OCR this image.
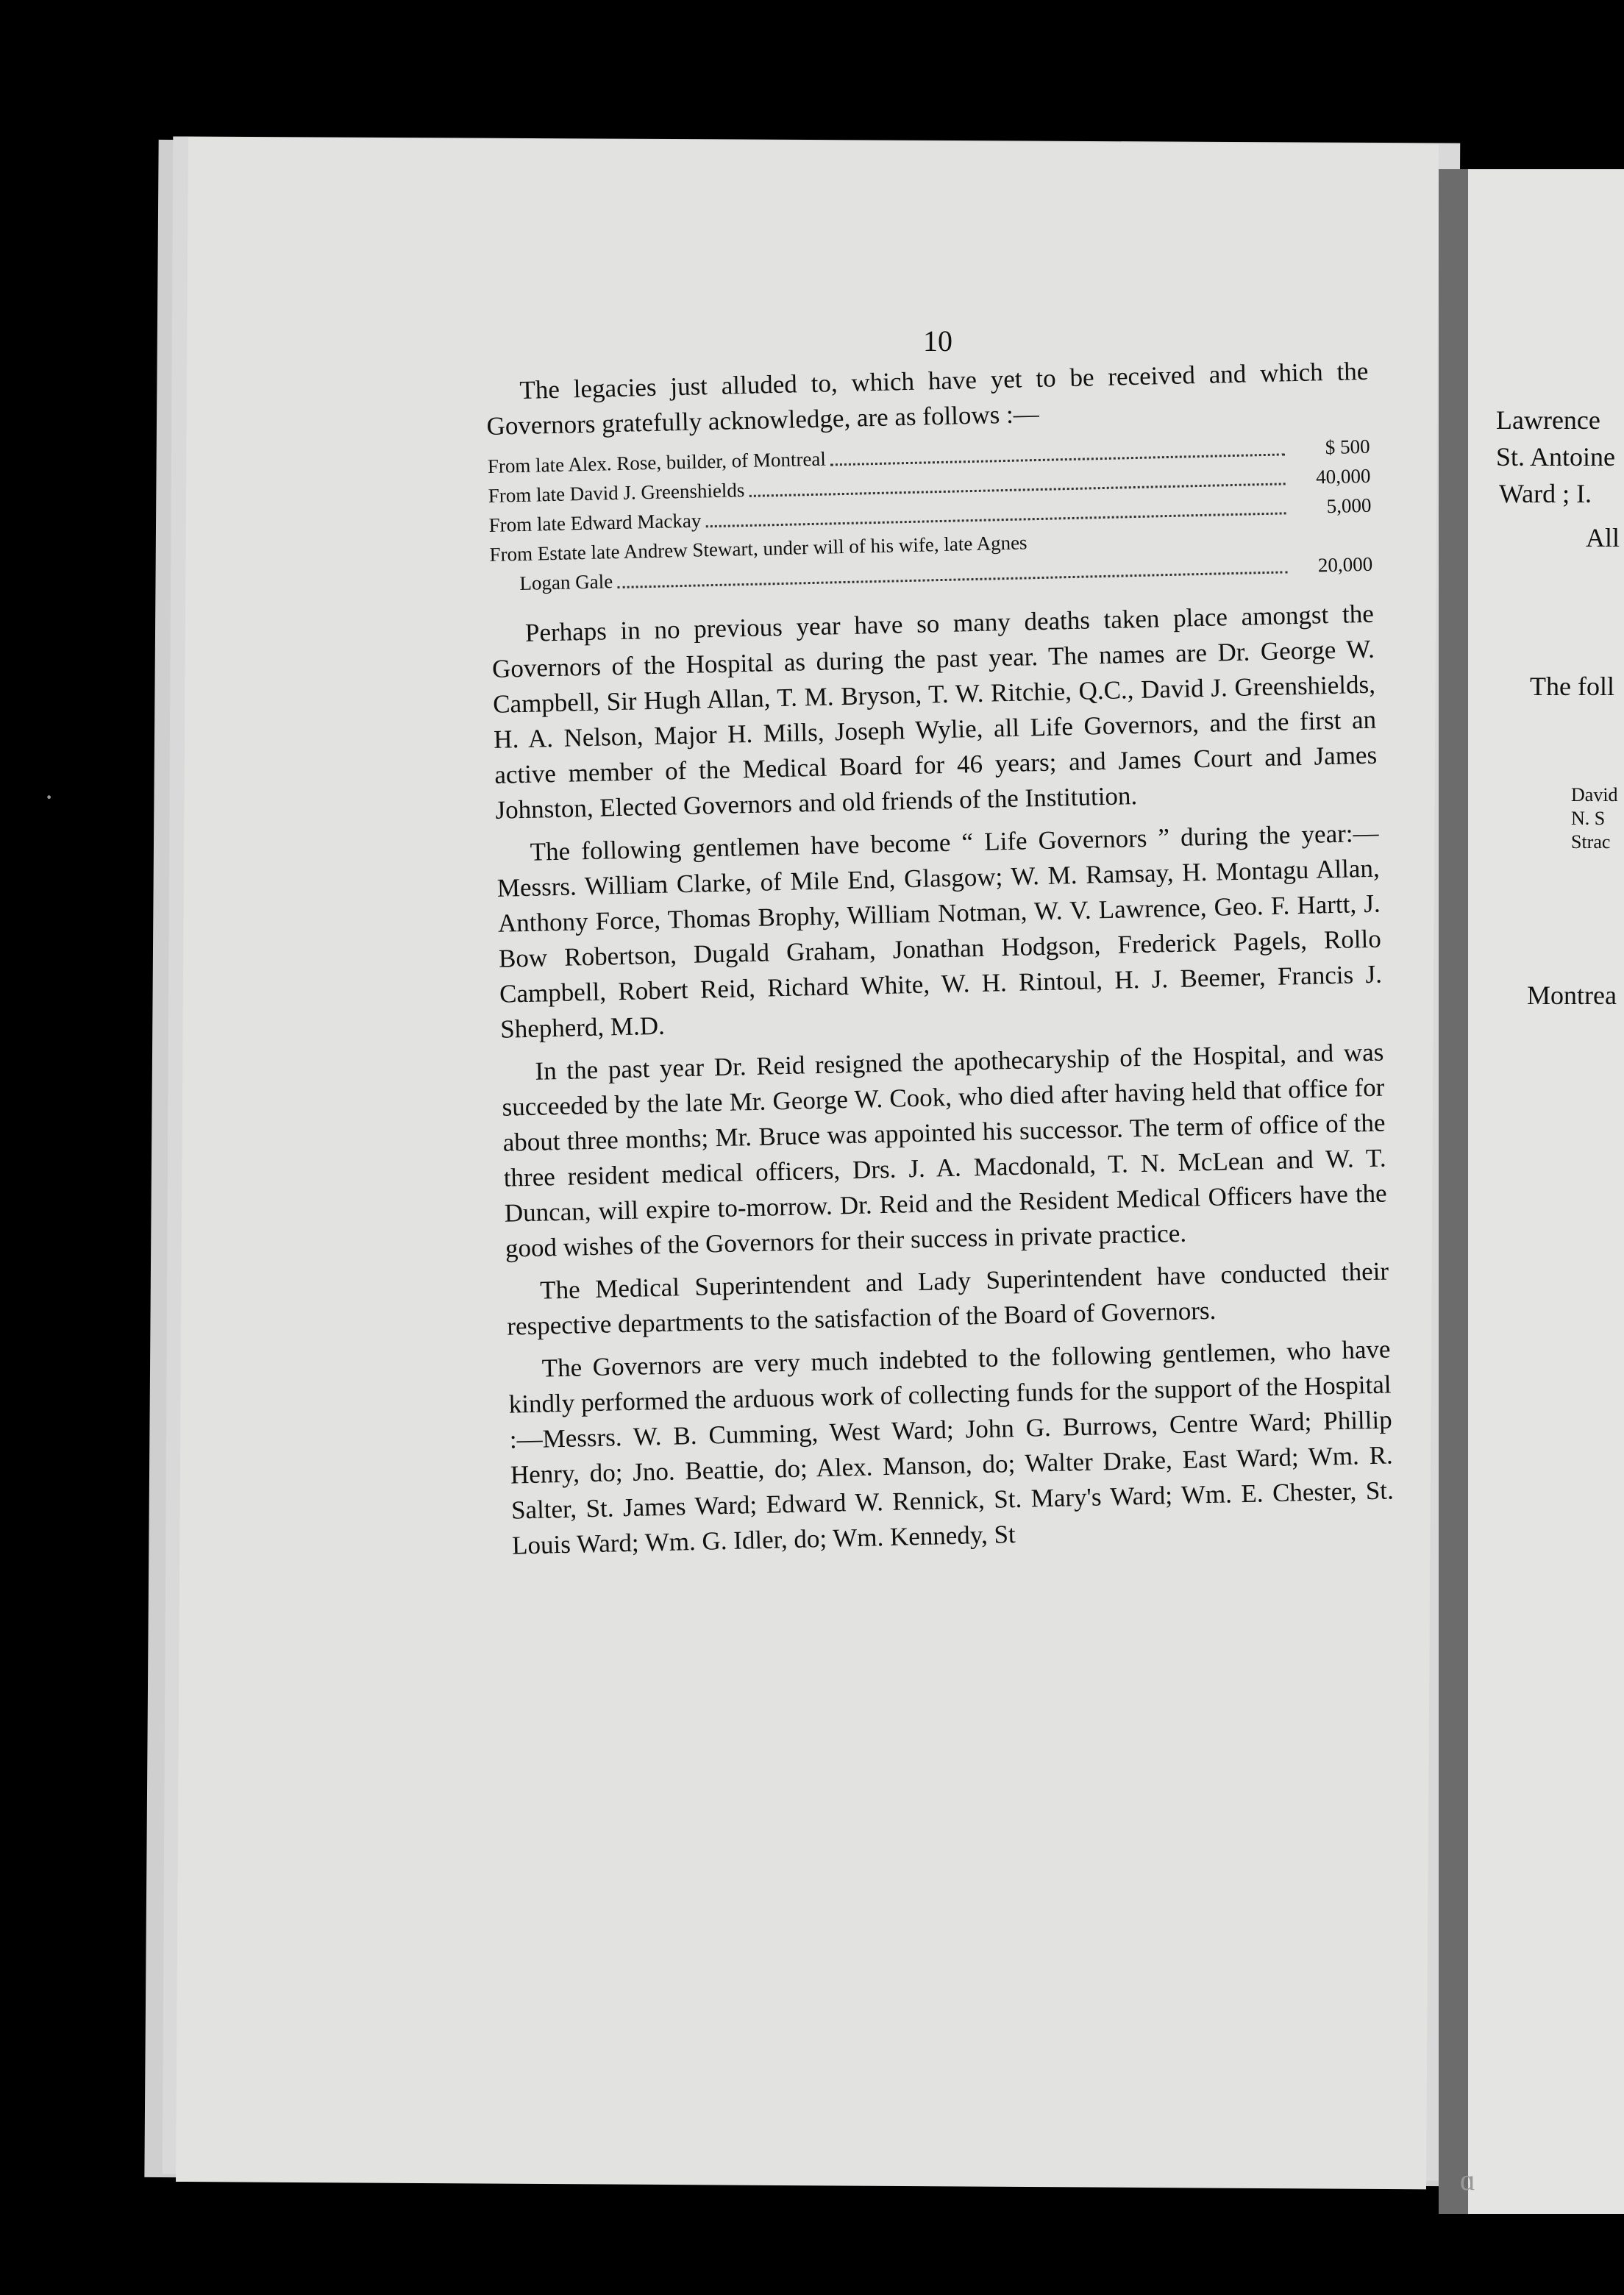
10

The legacies just alluded to, which have yet to be received and which the Governors gratefully acknowledge, are as follows :—

From late Alex. Rose, builder, of Montreal
$ 500
From late David J. Greenshields
40,000
From late Edward Mackay
5,000
From Estate late Andrew Stewart, under will of his wife, late Agnes
Logan Gale
20,000

Perhaps in no previous year have so many deaths taken place amongst the Governors of the Hospital as during the past year. The names are Dr. George W. Campbell, Sir Hugh Allan, T. M. Bryson, T. W. Ritchie, Q.C., David J. Greenshields, H. A. Nelson, Major H. Mills, Joseph Wylie, all Life Governors, and the first an active member of the Medical Board for 46 years; and James Court and James Johnston, Elected Governors and old friends of the Institution.

The following gentlemen have become “ Life Governors ” during the year:—Messrs. William Clarke, of Mile End, Glasgow; W. M. Ramsay, H. Montagu Allan, Anthony Force, Thomas Brophy, William Notman, W. V. Lawrence, Geo. F. Hartt, J. Bow Robertson, Dugald Graham, Jonathan Hodgson, Frederick Pagels, Rollo Campbell, Robert Reid, Richard White, W. H. Rintoul, H. J. Beemer, Francis J. Shepherd, M.D.

In the past year Dr. Reid resigned the apothecaryship of the Hospital, and was succeeded by the late Mr. George W. Cook, who died after having held that office for about three months; Mr. Bruce was appointed his successor. The term of office of the three resident medical officers, Drs. J. A. Macdonald, T. N. McLean and W. T. Duncan, will expire to-morrow. Dr. Reid and the Resident Medical Officers have the good wishes of the Governors for their success in private practice.

The Medical Superintendent and Lady Superintendent have conducted their respective departments to the satisfaction of the Board of Governors.

The Governors are very much indebted to the following gentlemen, who have kindly performed the arduous work of collecting funds for the support of the Hospital :—Messrs. W. B. Cumming, West Ward; John G. Burrows, Centre Ward; Phillip Henry, do; Jno. Beattie, do; Alex. Manson, do; Walter Drake, East Ward; Wm. R. Salter, St. James Ward; Edward W. Rennick, St. Mary's Ward; Wm. E. Chester, St. Louis Ward; Wm. G. Idler, do; Wm. Kennedy, St

Lawrence
St. Antoine
Ward ; I.
All
The foll
David
N. S
Strac
Montrea
·
ɑ
